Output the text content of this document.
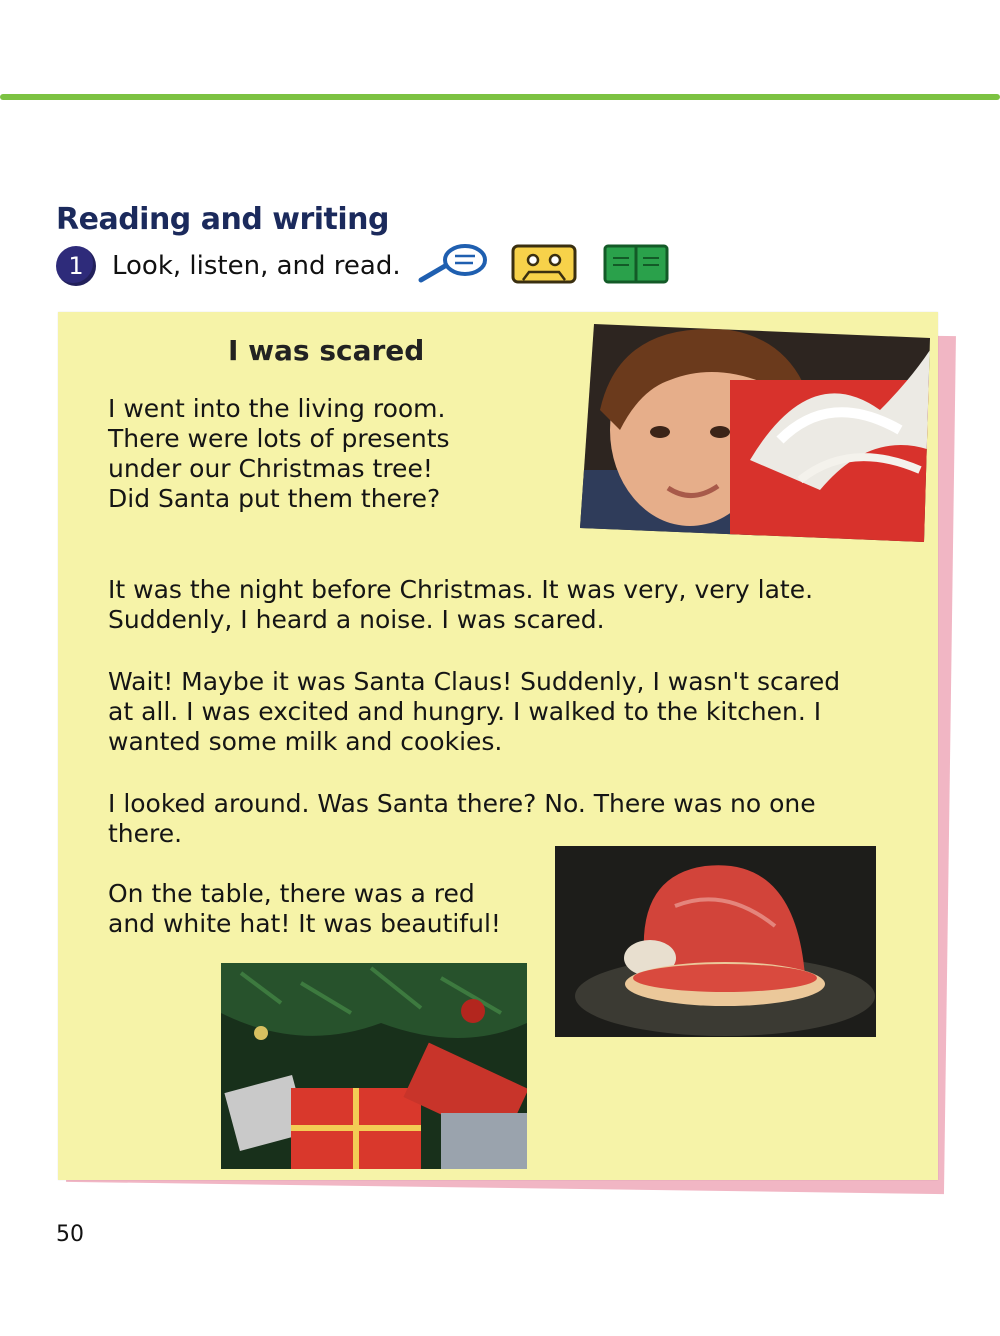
Reading and writing
1	Look, listen, and read.
I was scared
I went into the living room.
There were lots of presents
under our Christmas tree!
Did Santa put them there?
It was the night before Christmas. It was very, very late.
Suddenly, I heard a noise. I was scared.
Wait! Maybe it was Santa Claus! Suddenly, I wasn't scared
at all. I was excited and hungry. I walked to the kitchen. I
wanted some milk and cookies.
I looked around. Was Santa there? No. There was no one
there.
On the table, there was a red
and white hat! It was beautiful!
50
